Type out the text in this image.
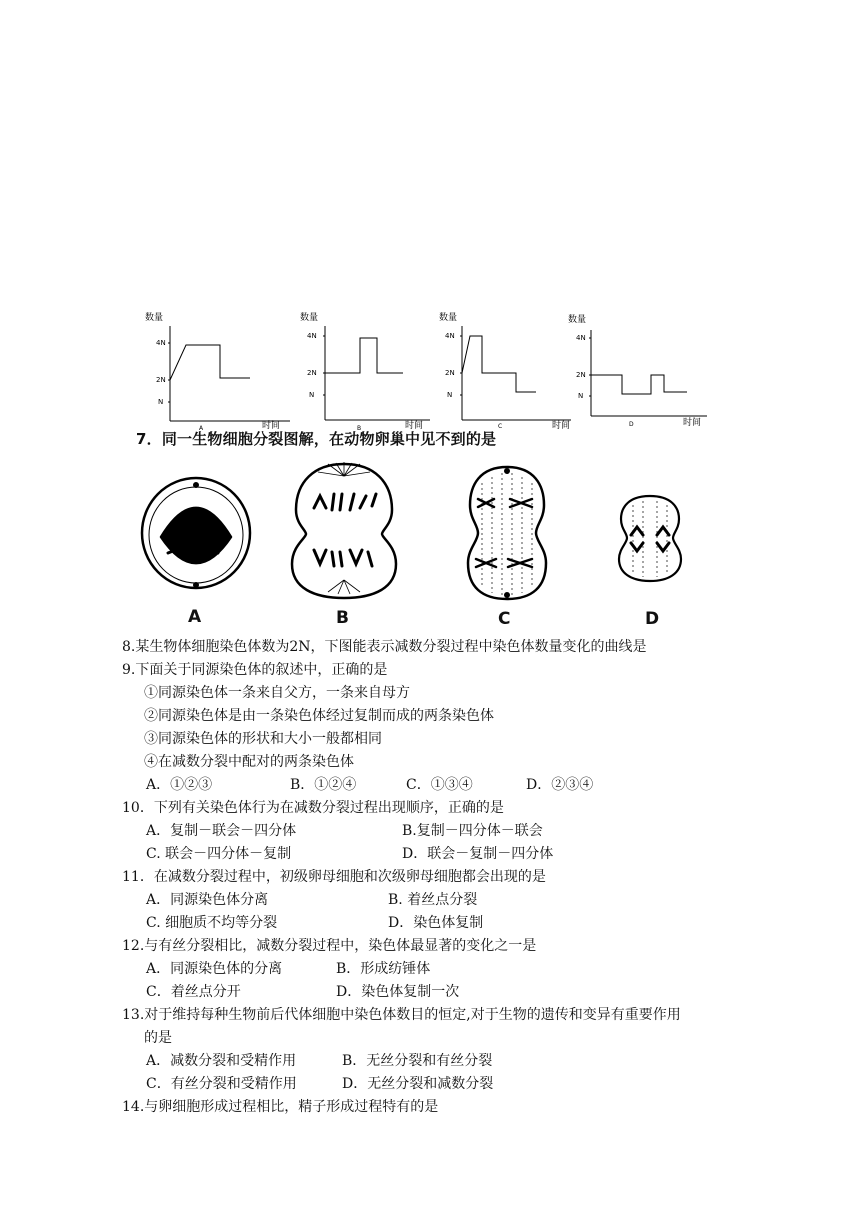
数量
4N
2N
N
时间
A
数量
4N
2N
N
时间
B
数量
4N
2N
N
时间
C
数量
4N
2N
N
时间
D
7．同一生物细胞分裂图解，在动物卵巢中见不到的是
A	B	C	D
8.某生物体细胞染色体数为2N，下图能表示减数分裂过程中染色体数量变化的曲线是
9.下面关于同源染色体的叙述中，正确的是
①同源染色体一条来自父方，一条来自母方
②同源染色体是由一条染色体经过复制而成的两条染色体
③同源染色体的形状和大小一般都相同
④在减数分裂中配对的两条染色体
A．①②③	B．①②④	C．①③④	D．②③④
10．下列有关染色体行为在减数分裂过程出现顺序，正确的是
A．复制－联会－四分体	B.复制－四分体－联会
C. 联会－四分体－复制	D．联会－复制－四分体
11．在减数分裂过程中，初级卵母细胞和次级卵母细胞都会出现的是
A．同源染色体分离	B. 着丝点分裂
C. 细胞质不均等分裂	D．染色体复制
12.与有丝分裂相比，减数分裂过程中，染色体最显著的变化之一是
A．同源染色体的分离	B．形成纺锤体
C．着丝点分开	D．染色体复制一次
13.对于维持每种生物前后代体细胞中染色体数目的恒定,对于生物的遗传和变异有重要作用
的是
A．减数分裂和受精作用	B．无丝分裂和有丝分裂
C．有丝分裂和受精作用	D．无丝分裂和减数分裂
14.与卵细胞形成过程相比，精子形成过程特有的是
